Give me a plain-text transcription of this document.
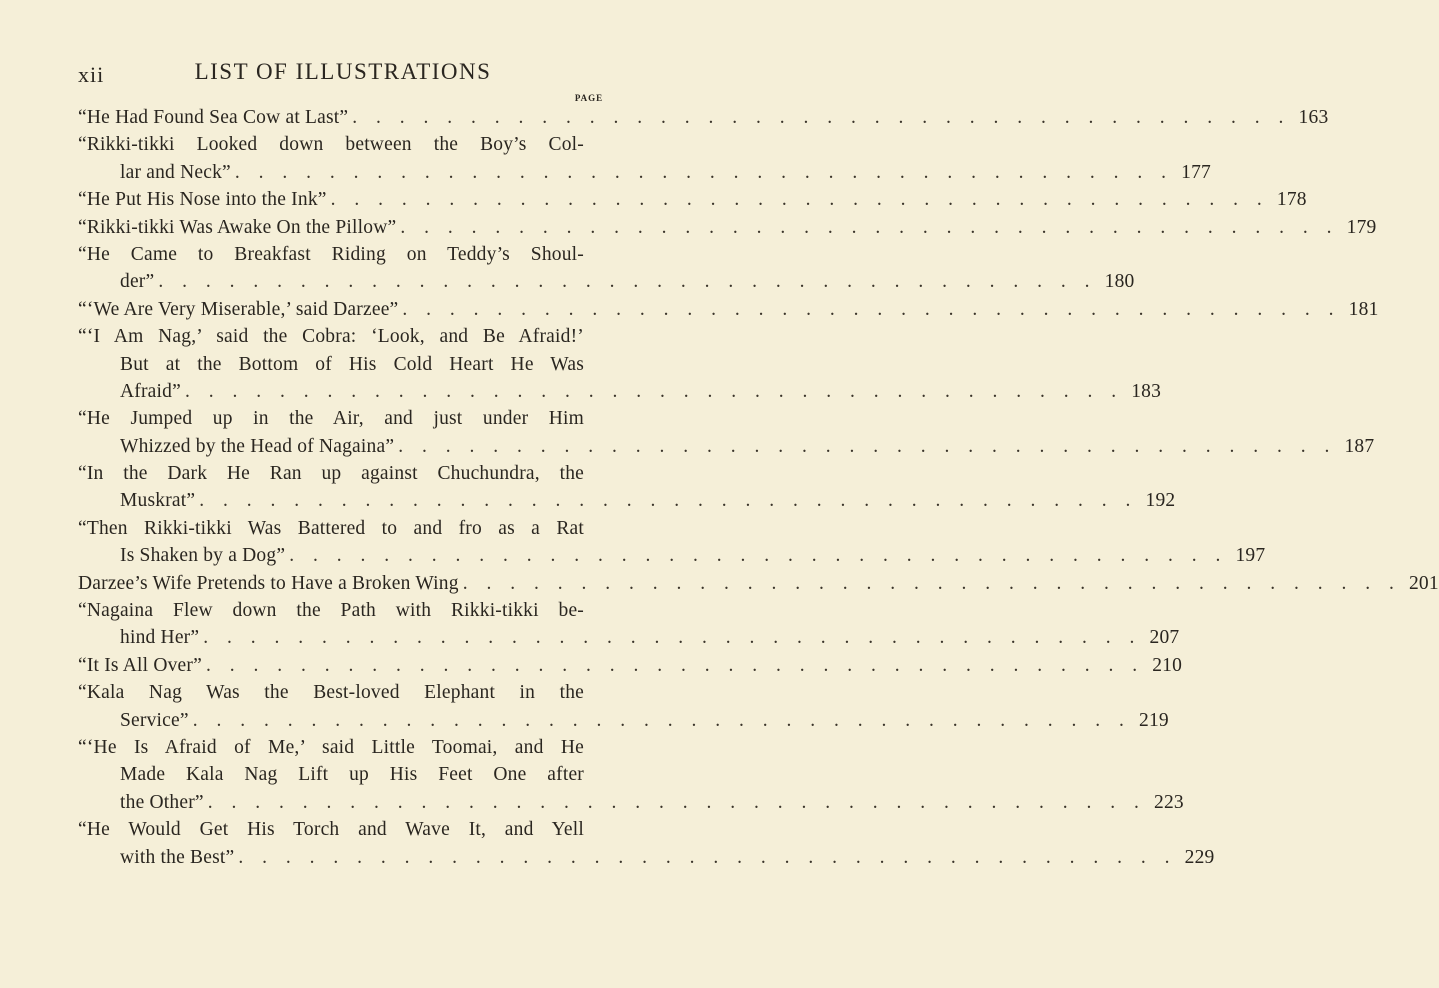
xii	LIST OF ILLUSTRATIONS
PAGE
“He Had Found Sea Cow at Last” . . . . . . . . . . . . . . . . . . . . . . . . . . . . . . . . . . . . . . . . 163
“Rikki-tikki Looked down between the Boy’s Col-
lar and Neck” . . . . . . . . . . . . . . . . . . . . . . . . . . . . . . . . . . . . . . . . 177
“He Put His Nose into the Ink” . . . . . . . . . . . . . . . . . . . . . . . . . . . . . . . . . . . . . . . . 178
“Rikki-tikki Was Awake On the Pillow” . . . . . . . . . . . . . . . . . . . . . . . . . . . . . . . . . . . . . . . . 179
“He Came to Breakfast Riding on Teddy’s Shoul-
der” . . . . . . . . . . . . . . . . . . . . . . . . . . . . . . . . . . . . . . . . 180
“‘We Are Very Miserable,’ said Darzee” . . . . . . . . . . . . . . . . . . . . . . . . . . . . . . . . . . . . . . . . 181
“‘I Am Nag,’ said the Cobra: ‘Look, and Be Afraid!’
But at the Bottom of His Cold Heart He Was
Afraid” . . . . . . . . . . . . . . . . . . . . . . . . . . . . . . . . . . . . . . . . 183
“He Jumped up in the Air, and just under Him
Whizzed by the Head of Nagaina” . . . . . . . . . . . . . . . . . . . . . . . . . . . . . . . . . . . . . . . . 187
“In the Dark He Ran up against Chuchundra, the
Muskrat” . . . . . . . . . . . . . . . . . . . . . . . . . . . . . . . . . . . . . . . . 192
“Then Rikki-tikki Was Battered to and fro as a Rat
Is Shaken by a Dog” . . . . . . . . . . . . . . . . . . . . . . . . . . . . . . . . . . . . . . . . 197
Darzee’s Wife Pretends to Have a Broken Wing . . . . . . . . . . . . . . . . . . . . . . . . . . . . . . . . . . . . . . . . 201
“Nagaina Flew down the Path with Rikki-tikki be-
hind Her” . . . . . . . . . . . . . . . . . . . . . . . . . . . . . . . . . . . . . . . . 207
“It Is All Over” . . . . . . . . . . . . . . . . . . . . . . . . . . . . . . . . . . . . . . . . 210
“Kala Nag Was the Best-loved Elephant in the
Service” . . . . . . . . . . . . . . . . . . . . . . . . . . . . . . . . . . . . . . . . 219
“‘He Is Afraid of Me,’ said Little Toomai, and He
Made Kala Nag Lift up His Feet One after
the Other” . . . . . . . . . . . . . . . . . . . . . . . . . . . . . . . . . . . . . . . . 223
“He Would Get His Torch and Wave It, and Yell
with the Best” . . . . . . . . . . . . . . . . . . . . . . . . . . . . . . . . . . . . . . . . 229
